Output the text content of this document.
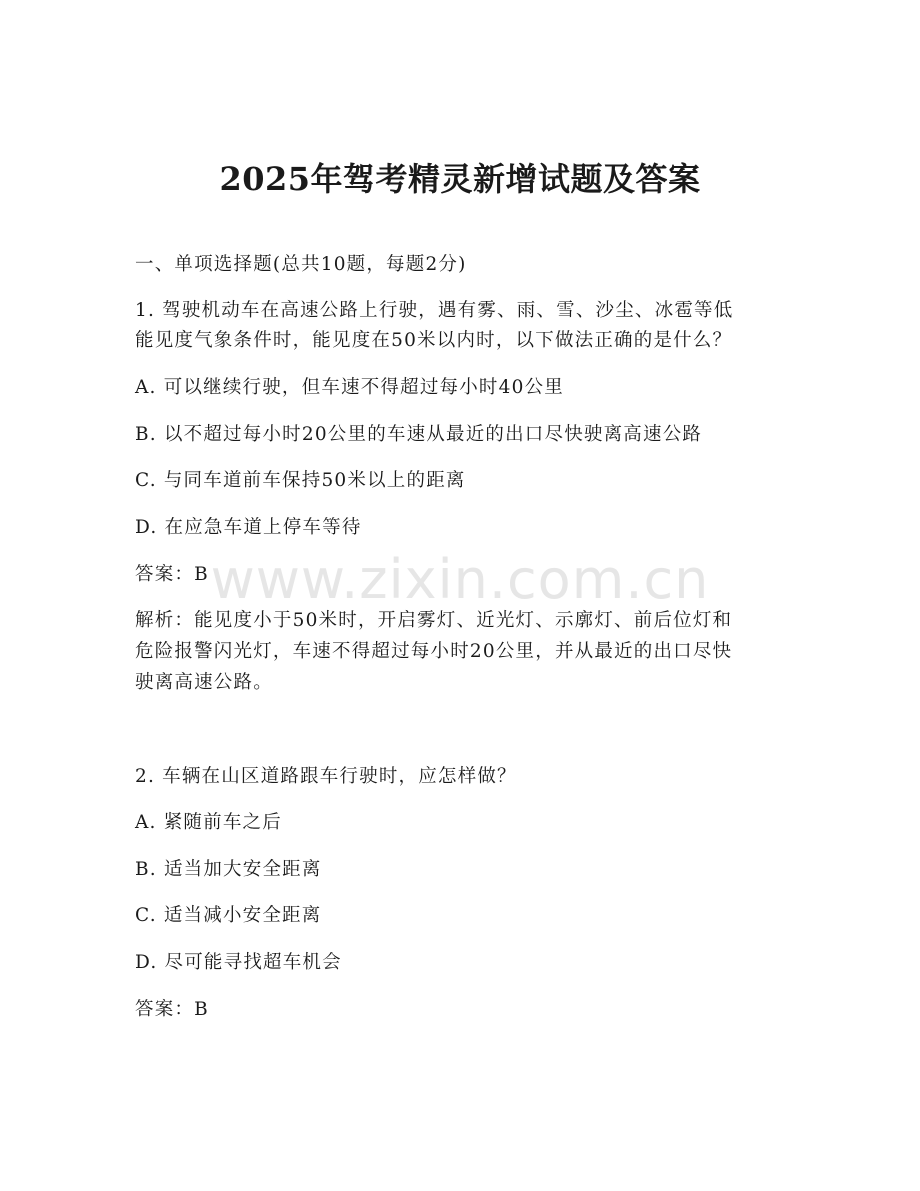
www.zixin.com.cn
2025年驾考精灵新增试题及答案

一、单项选择题(总共10题，每题2分)

1. 驾驶机动车在高速公路上行驶，遇有雾、雨、雪、沙尘、冰雹等低

能见度气象条件时，能见度在50米以内时，以下做法正确的是什么？

A. 可以继续行驶，但车速不得超过每小时40公里

B. 以不超过每小时20公里的车速从最近的出口尽快驶离高速公路

C. 与同车道前车保持50米以上的距离

D. 在应急车道上停车等待

答案：B

解析：能见度小于50米时，开启雾灯、近光灯、示廓灯、前后位灯和

危险报警闪光灯，车速不得超过每小时20公里，并从最近的出口尽快

驶离高速公路。

2. 车辆在山区道路跟车行驶时，应怎样做？

A. 紧随前车之后

B. 适当加大安全距离

C. 适当减小安全距离

D. 尽可能寻找超车机会

答案：B
